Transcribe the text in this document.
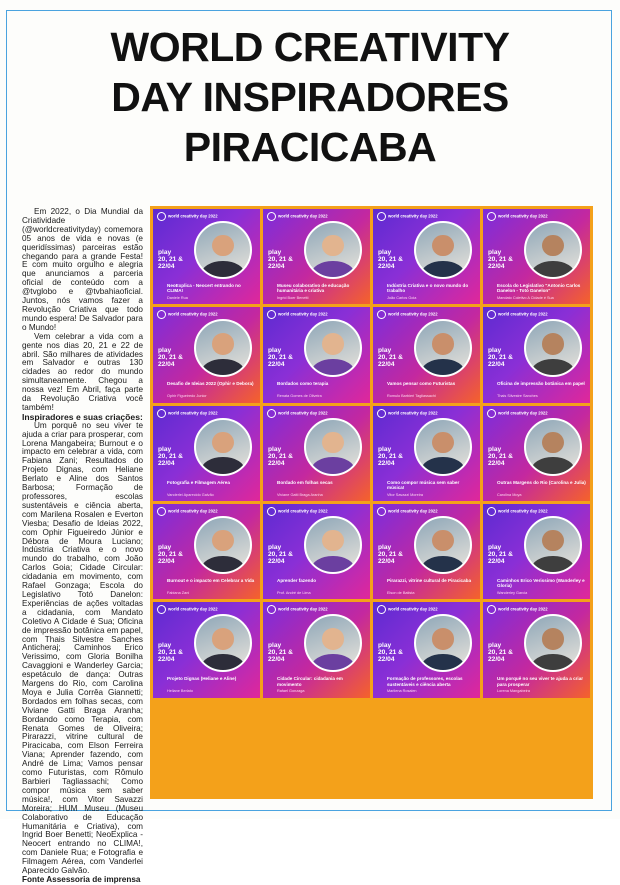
WORLD CREATIVITY
DAY INSPIRADORES
PIRACICABA

Em 2022, o Dia Mundial da Criatividade (@worldcreativityday) comemora 05 anos de vida e novas (e queridíssimas) parceiras estão chegando para a grande Festa! E com muito orgulho e alegria que anunciamos a parceria oficial de conteúdo com a @tvglobo e @tvbahiaoficial. Juntos, nós vamos fazer a Revolução Criativa que todo mundo espera! De Salvador para o Mundo!

Vem celebrar a vida com a gente nos dias 20, 21 e 22 de abril. São milhares de atividades em Salvador e outras 130 cidades ao redor do mundo simultaneamente. Chegou a nossa vez! Em Abril, faça parte da Revolução Criativa você também!

Inspiradores e suas criações:

Um porquê no seu viver te ajuda a criar para prosperar, com Lorena Mangabeira; Burnout e o impacto em celebrar a vida, com Fabiana Zani; Resultados do Projeto Dignas, com Heliane Berlato e Aline dos Santos Barbosa; Formação de professores, escolas sustentáveis e ciência aberta, com Marilena Rosalen e Everton Viesba; Desafio de Ideias 2022, com Ophir Figueiredo Júnior e Débora de Moura Luciano; Indústria Criativa e o novo mundo do trabalho, com João Carlos Goia; Cidade Circular: cidadania em movimento, com Rafael Gonzaga; Escola do Legislativo Totó Danelon: Experiências de ações voltadas a cidadania, com Mandato Coletivo A Cidade é Sua; Oficina de impressão botânica em papel, com Thais Silvestre Sanches Anticheraj; Caminhos Erico Verissimo, com Gloria Bonilha Cavaggioni e Wanderley Garcia; espetáculo de dança: Outras Margens do Rio, com Carolina Moya e Julia Corrêa Giannetti; Bordados em folhas secas, com Viviane Gatti Braga Aranha; Bordando como Terapia, com Renata Gomes de Oliveira; Pirarazzi, vitrine cultural de Piracicaba, com Elson Ferreira Viana; Aprender fazendo, com André de Lima; Vamos pensar como Futuristas, com Rômulo Barbieri Tagliassachi; Como compor música sem saber música!, com Vitor Savazzi Moreira; HUM Museu (Museu Colaborativo de Educação Humanitária e Criativa), com Ingrid Boer Benetti; NeoExplica - Neocert entrando no CLIMA!, com Daniele Rua; e Fotografia e Filmagem Aérea, com Vanderlei Aparecido Galvão.

Fonte Assessoria de imprensa

world creativity day 2022
play
20, 21 &
22/04
NeoExplica - Neocert entrando no CLIMA!
Daniele Rua
world creativity day 2022
play
20, 21 &
22/04
Museu colaborativo de educação humanitária e criativa
Ingrid Boer Benetti
world creativity day 2022
play
20, 21 &
22/04
Indústria Criativa e o novo mundo do trabalho
João Carlos Goia
world creativity day 2022
play
20, 21 &
22/04
Escola do Legislativo "Antonio Carlos Danelon - Totó Danelon"
Mandato Coletivo A Cidade é Sua
world creativity day 2022
play
20, 21 &
22/04
Desafio de Ideias 2022 (Ophir e Debora)
Ophir Figueiredo Junior
world creativity day 2022
play
20, 21 &
22/04
Bordados como terapia
Renata Gomes de Oliveira
world creativity day 2022
play
20, 21 &
22/04
Vamos pensar como Futuristas
Romulo Barbieri Tagliassachi
world creativity day 2022
play
20, 21 &
22/04
Oficina de impressão botânica em papel
Thais Silvestre Sanches
world creativity day 2022
play
20, 21 &
22/04
Fotografia e Filmagem Aérea
Vanderlei Aparecido Galvão
world creativity day 2022
play
20, 21 &
22/04
Bordado em folhas secas
Viviane Gatti Braga Aranha
world creativity day 2022
play
20, 21 &
22/04
Como compor música sem saber música!
Vitor Savazzi Moreira
world creativity day 2022
play
20, 21 &
22/04
Outras Margens do Rio (Carolina e Julia)
Carolina Moya
world creativity day 2022
play
20, 21 &
22/04
Burnout e o impacto em Celebrar a Vida
Fabiana Zani
world creativity day 2022
play
20, 21 &
22/04
Aprender fazendo
Prof. André de Lima
world creativity day 2022
play
20, 21 &
22/04
Pirarazzi, vitrine cultural de Piracicaba
Elson de Batista
world creativity day 2022
play
20, 21 &
22/04
Caminhos Erico Verissimo (Wanderley e Gloria)
Wanderley Garcia
world creativity day 2022
play
20, 21 &
22/04
Projeto Dignas (Heliane e Aline)
Heliane Berlato
world creativity day 2022
play
20, 21 &
22/04
Cidade Circular: cidadania em movimento
Rafael Gonzaga
world creativity day 2022
play
20, 21 &
22/04
Formação de professores, escolas sustentáveis e ciência aberta
Marilena Rosalen
world creativity day 2022
play
20, 21 &
22/04
Um porquê no seu viver te ajuda a criar para prosperar
Lorena Mangabeira
